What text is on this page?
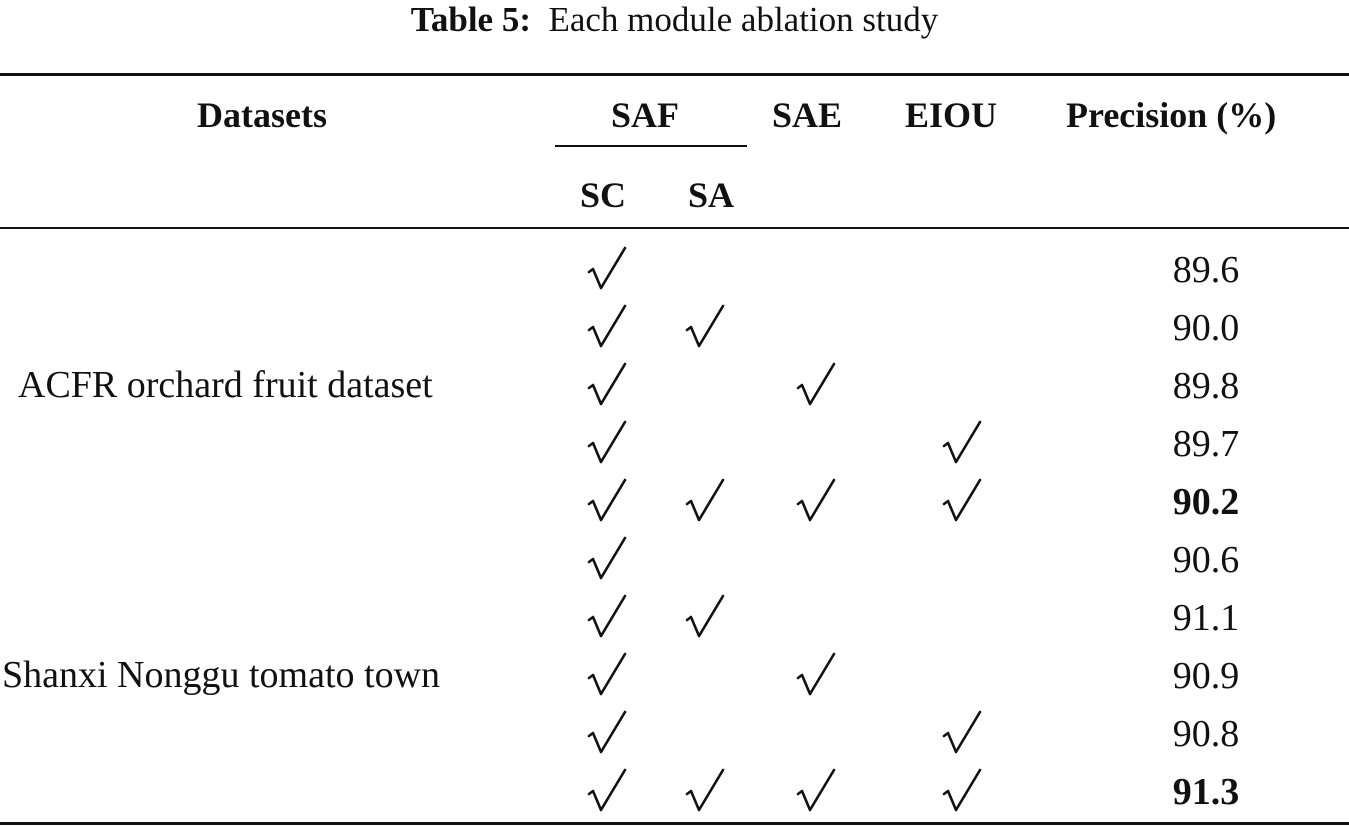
Table 5: Each module ablation study
Datasets	SAF	SAE EIOU Precision (%)
SC SA
ACFR orchard fruit dataset
89.6
90.0
89.8
89.7
90.2
Shanxi Nonggu tomato town
90.6
91.1
90.9
90.8
91.3
